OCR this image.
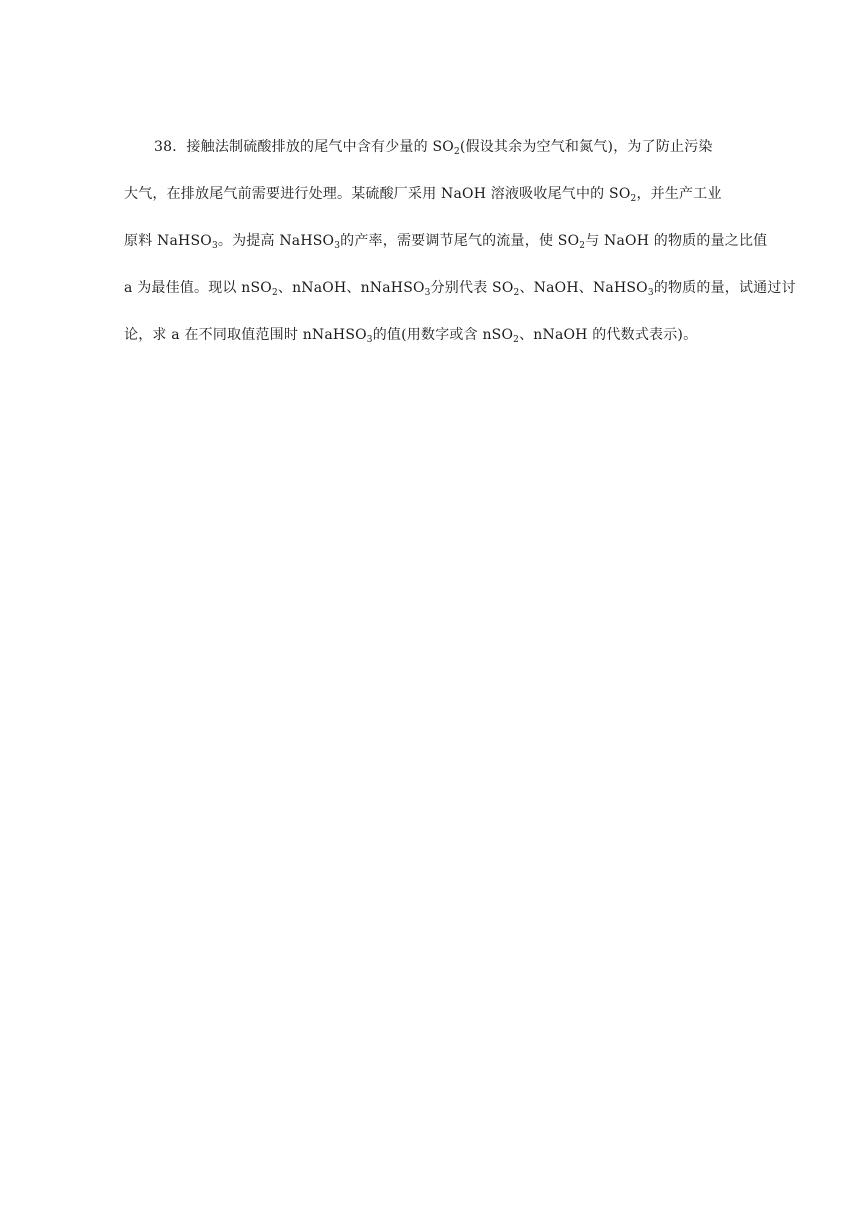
38．接触法制硫酸排放的尾气中含有少量的 $SO_2$(假设其余为空气和氮气)，为了防止污染
大气，在排放尾气前需要进行处理。某硫酸厂采用 NaOH 溶液吸收尾气中的 $SO_2$，并生产工业
原料 NaHSO$_3$。为提高 NaHSO$_3$的产率，需要调节尾气的流量，使 $SO_2$与 NaOH 的物质的量之比值
a 为最佳值。现以 nSO$_2$、nNaOH、nNaHSO$_3$分别代表 $SO_2$、NaOH、NaHSO$_3$的物质的量，试通过讨
论，求 a 在不同取值范围时 nNaHSO$_3$的值(用数字或含 nSO$_2$、nNaOH 的代数式表示)。
